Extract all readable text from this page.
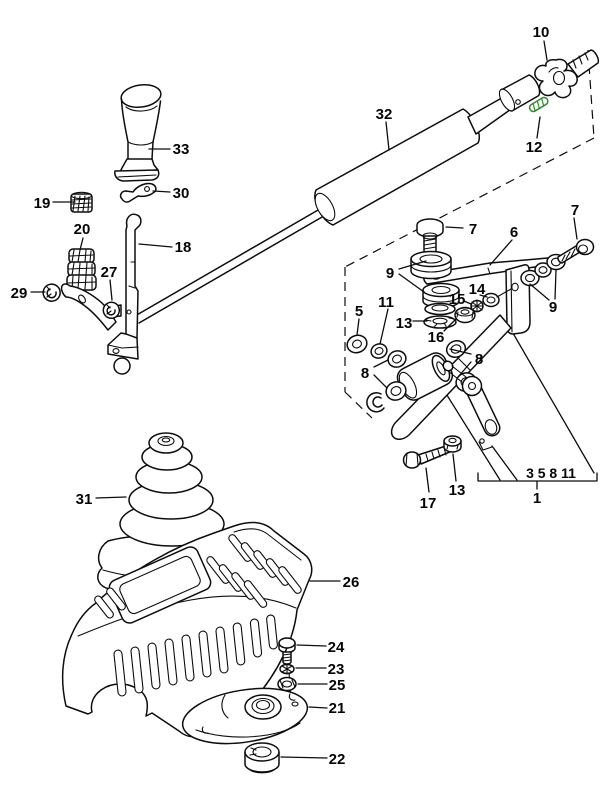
10
12
32
33
30
19
20
18
27
29
7
7
6
9
9
11
5
13
14
15
16
8
8
17
13
3 5 8 11
1
31
26
24
23
25
21
22
